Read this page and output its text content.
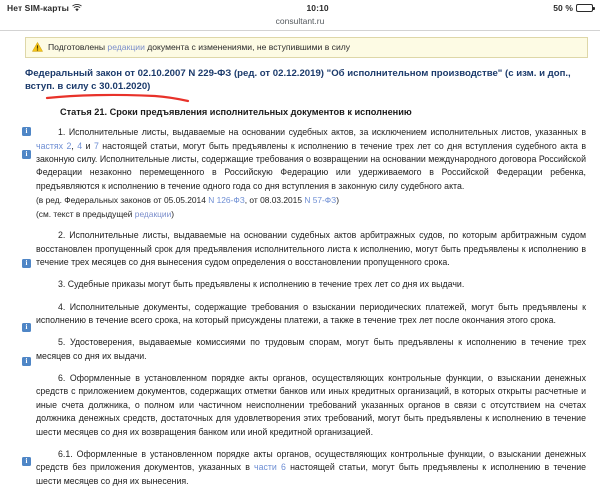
Нет SIM-карты	10:10	50 %
consultant.ru
Подготовлены редакции документа с изменениями, не вступившими в силу
Федеральный закон от 02.10.2007 N 229-ФЗ (ред. от 02.12.2019) "Об исполнительном производстве" (с изм. и доп., вступ. в силу с 30.01.2020)
i
i
i
i
i
i
Статья 21. Сроки предъявления исполнительных документов к исполнению
1. Исполнительные листы, выдаваемые на основании судебных актов, за исключением исполнительных листов, указанных в частях 2, 4 и 7 настоящей статьи, могут быть предъявлены к исполнению в течение трех лет со дня вступления судебного акта в законную силу. Исполнительные листы, содержащие требования о возвращении на основании международного договора Российской Федерации незаконно перемещенного в Российскую Федерацию или удерживаемого в Российской Федерации ребенка, предъявляются к исполнению в течение одного года со дня вступления в законную силу судебного акта.
(в ред. Федеральных законов от 05.05.2014 N 126-ФЗ, от 08.03.2015 N 57-ФЗ)
(см. текст в предыдущей редакции)
2. Исполнительные листы, выдаваемые на основании судебных актов арбитражных судов, по которым арбитражным судом восстановлен пропущенный срок для предъявления исполнительного листа к исполнению, могут быть предъявлены к исполнению в течение трех месяцев со дня вынесения судом определения о восстановлении пропущенного срока.
3. Судебные приказы могут быть предъявлены к исполнению в течение трех лет со дня их выдачи.
4. Исполнительные документы, содержащие требования о взыскании периодических платежей, могут быть предъявлены к исполнению в течение всего срока, на который присуждены платежи, а также в течение трех лет после окончания этого срока.
5. Удостоверения, выдаваемые комиссиями по трудовым спорам, могут быть предъявлены к исполнению в течение трех месяцев со дня их выдачи.
6. Оформленные в установленном порядке акты органов, осуществляющих контрольные функции, о взыскании денежных средств с приложением документов, содержащих отметки банков или иных кредитных организаций, в которых открыты расчетные и иные счета должника, о полном или частичном неисполнении требований указанных органов в связи с отсутствием на счетах должника денежных средств, достаточных для удовлетворения этих требований, могут быть предъявлены к исполнению в течение шести месяцев со дня их возвращения банком или иной кредитной организацией.
6.1. Оформленные в установленном порядке акты органов, осуществляющих контрольные функции, о взыскании денежных средств без приложения документов, указанных в части 6 настоящей статьи, могут быть предъявлены к исполнению в течение шести месяцев со дня их вынесения.
